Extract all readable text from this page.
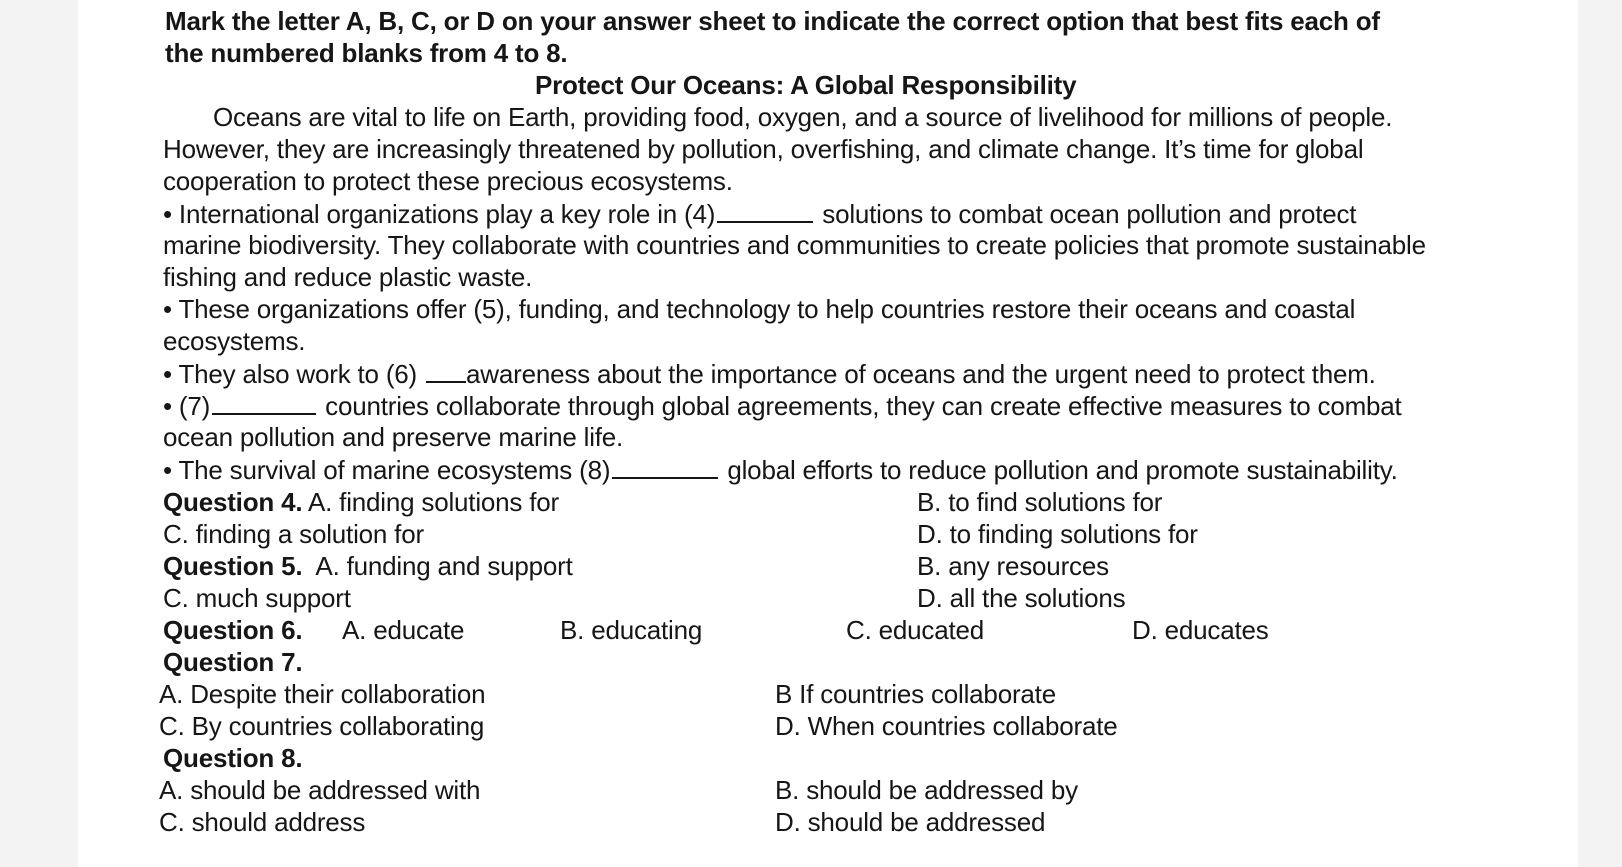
Mark the letter A, B, C, or D on your answer sheet to indicate the correct option that best fits each of
the numbered blanks from 4 to 8.
Protect Our Oceans: A Global Responsibility
Oceans are vital to life on Earth, providing food, oxygen, and a source of livelihood for millions of people.
However, they are increasingly threatened by pollution, overfishing, and climate change. It’s time for global
cooperation to protect these precious ecosystems.
• International organizations play a key role in (4)	solutions to combat ocean pollution and protect
marine biodiversity. They collaborate with countries and communities to create policies that promote sustainable
fishing and reduce plastic waste.
• These organizations offer (5), funding, and technology to help countries restore their oceans and coastal
ecosystems.
• They also work to (6) awareness about the importance of oceans and the urgent need to protect them.
• (7)	countries collaborate through global agreements, they can create effective measures to combat
ocean pollution and preserve marine life.
• The survival of marine ecosystems (8)	global efforts to reduce pollution and promote sustainability.
Question 4. A. finding solutions for	B. to find solutions for
C. finding a solution for	D. to finding solutions for
Question 5. A. funding and support	B. any resources
C. much support	D. all the solutions
Question 6. A. educate	B. educating	C. educated	D. educates
Question 7.
A. Despite their collaboration	B If countries collaborate
C. By countries collaborating	D. When countries collaborate
Question 8.
A. should be addressed with	B. should be addressed by
C. should address	D. should be addressed
